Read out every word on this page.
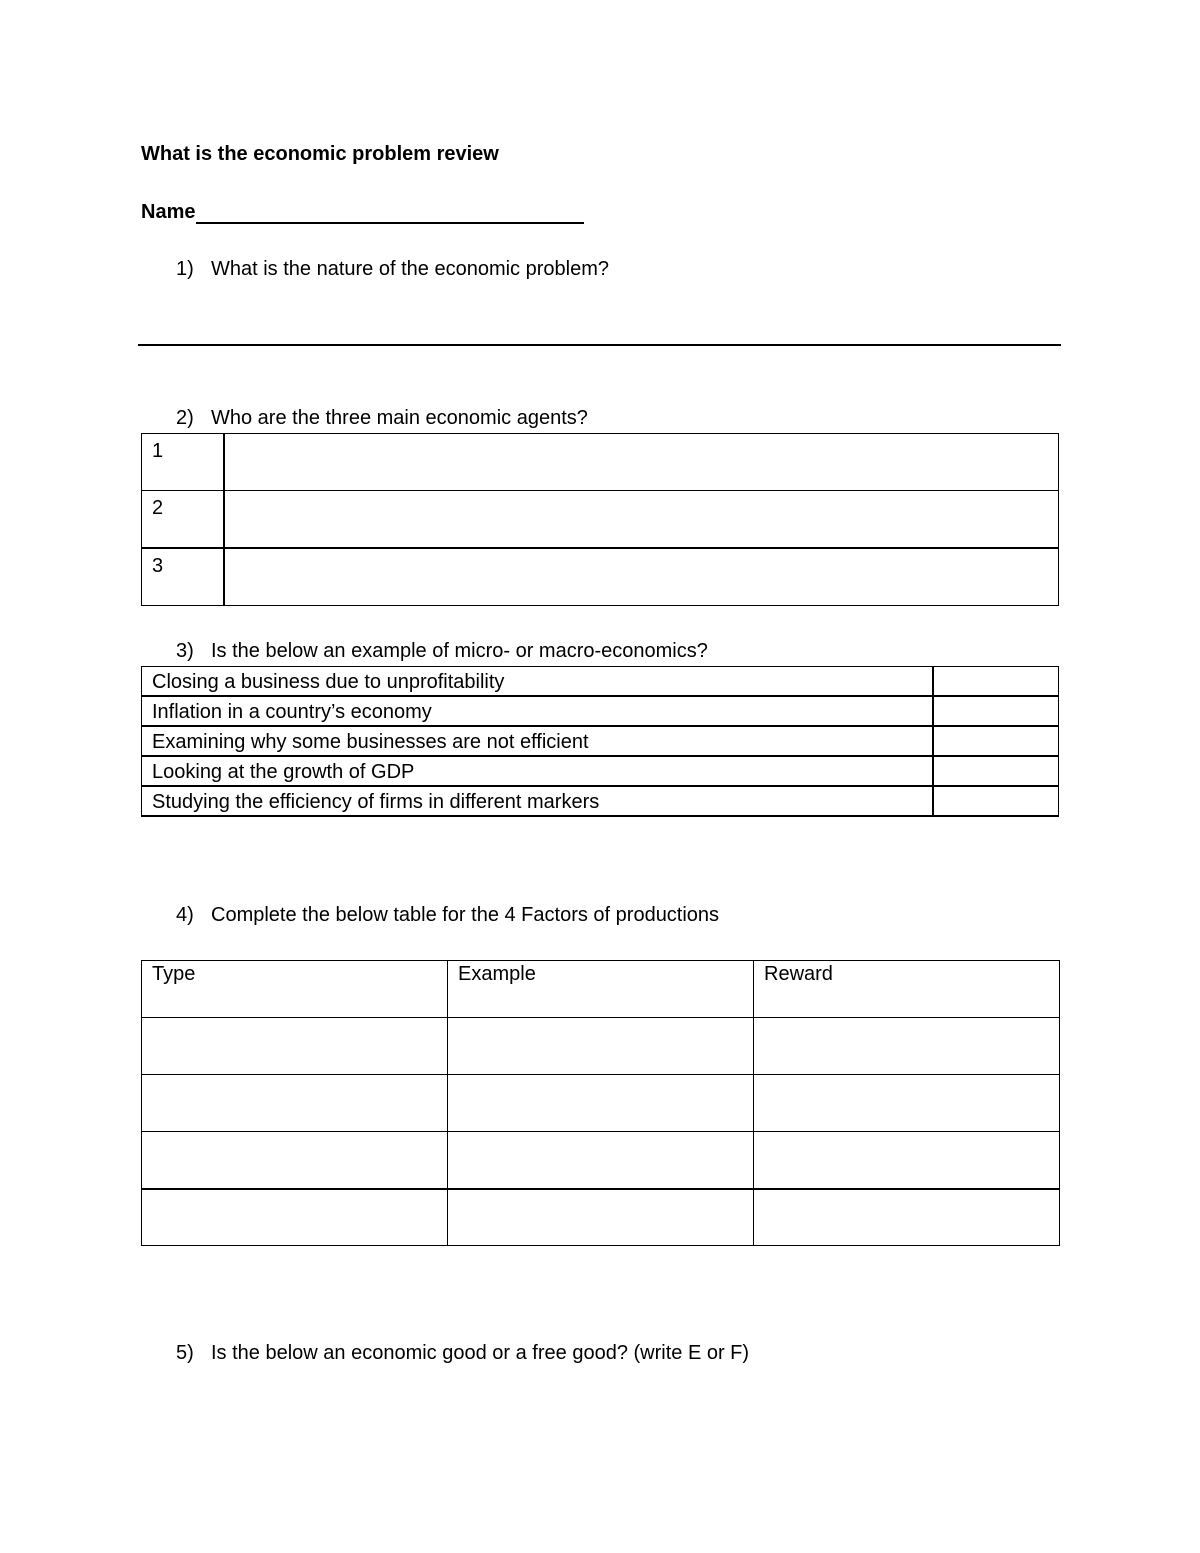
What is the economic problem review
Name
1) What is the nature of the economic problem?
2) Who are the three main economic agents?
1	
2	
3	
3) Is the below an example of micro- or macro-economics?
Closing a business due to unprofitability	
Inflation in a country’s economy	
Examining why some businesses are not efficient	
Looking at the growth of GDP	
Studying the efficiency of firms in different markers	
4) Complete the below table for the 4 Factors of productions
Type	Example	Reward

5) Is the below an economic good or a free good? (write E or F)
